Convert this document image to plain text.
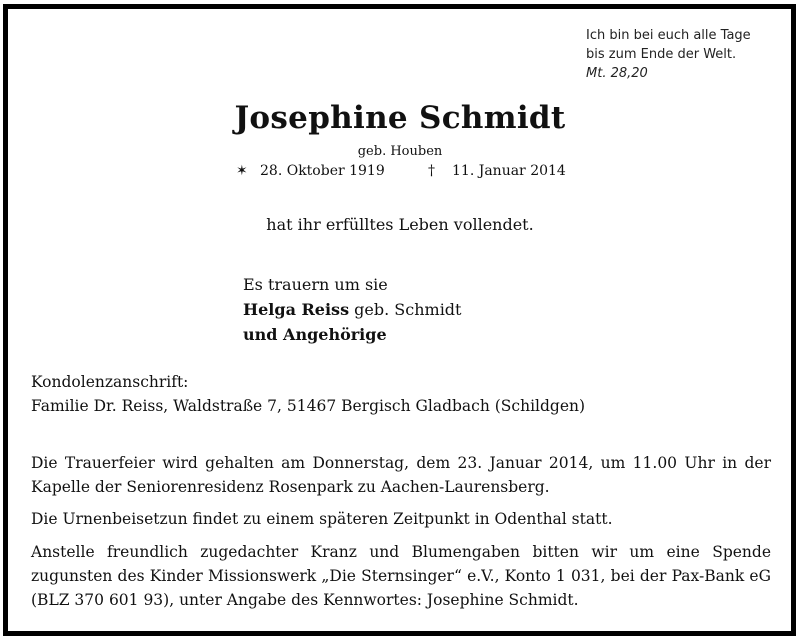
Ich bin bei euch alle Tage
bis zum Ende der Welt.
Mt. 28,20
Josephine Schmidt
geb. Houben
✶ 28. Oktober 1919	† 11. Januar 2014
hat ihr erfülltes Leben vollendet.
Es trauern um sie
Helga Reiss geb. Schmidt
und Angehörige
Kondolenzanschrift:
Familie Dr. Reiss, Waldstraße 7, 51467 Bergisch Gladbach (Schildgen)
Die Trauerfeier wird gehalten am Donnerstag, dem 23. Januar 2014, um 11.00 Uhr in der Kapelle der Seniorenresidenz Rosenpark zu Aachen-Laurensberg.
Die Urnenbeisetzun findet zu einem späteren Zeitpunkt in Odenthal statt.
Anstelle freundlich zugedachter Kranz und Blumengaben bitten wir um eine Spende zugunsten des Kinder Missionswerk „Die Sternsinger“ e.V., Konto 1 031, bei der Pax-Bank eG (BLZ 370 601 93), unter Angabe des Kennwortes: Josephine Schmidt.
